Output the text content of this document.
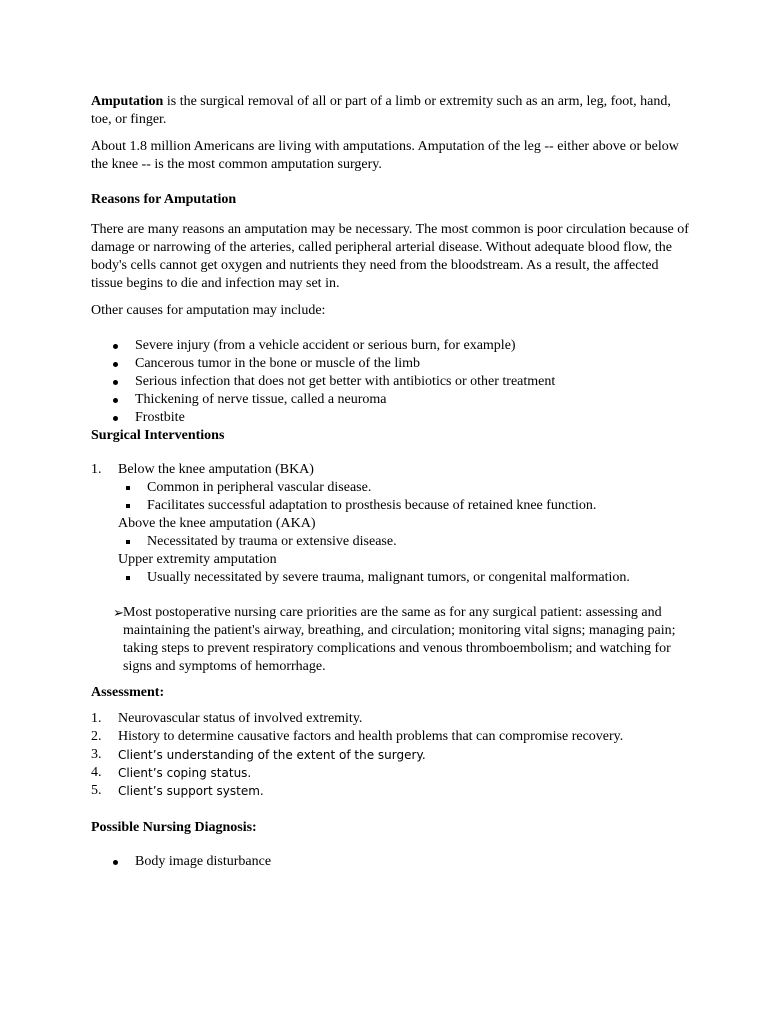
Amputation is the surgical removal of all or part of a limb or extremity such as an arm, leg, foot, hand, toe, or finger.

About 1.8 million Americans are living with amputations. Amputation of the leg -- either above or below the knee -- is the most common amputation surgery.

Reasons for Amputation

There are many reasons an amputation may be necessary. The most common is poor circulation because of damage or narrowing of the arteries, called peripheral arterial disease. Without adequate blood flow, the body's cells cannot get oxygen and nutrients they need from the bloodstream. As a result, the affected tissue begins to die and infection may set in.

Other causes for amputation may include:

Severe injury (from a vehicle accident or serious burn, for example)
Cancerous tumor in the bone or muscle of the limb
Serious infection that does not get better with antibiotics or other treatment
Thickening of nerve tissue, called a neuroma
Frostbite

Surgical Interventions

1. Below the knee amputation (BKA)
Common in peripheral vascular disease.
Facilitates successful adaptation to prosthesis because of retained knee function.
Above the knee amputation (AKA)
Necessitated by trauma or extensive disease.
Upper extremity amputation
Usually necessitated by severe trauma, malignant tumors, or congenital malformation.
➢ Most postoperative nursing care priorities are the same as for any surgical patient: assessing and maintaining the patient's airway, breathing, and circulation; monitoring vital signs; managing pain; taking steps to prevent respiratory complications and venous thromboembolism; and watching for signs and symptoms of hemorrhage.

Assessment:

1. Neurovascular status of involved extremity.
2. History to determine causative factors and health problems that can compromise recovery.
3. Client’s understanding of the extent of the surgery.
4. Client’s coping status.
5. Client’s support system.

Possible Nursing Diagnosis:

Body image disturbance
